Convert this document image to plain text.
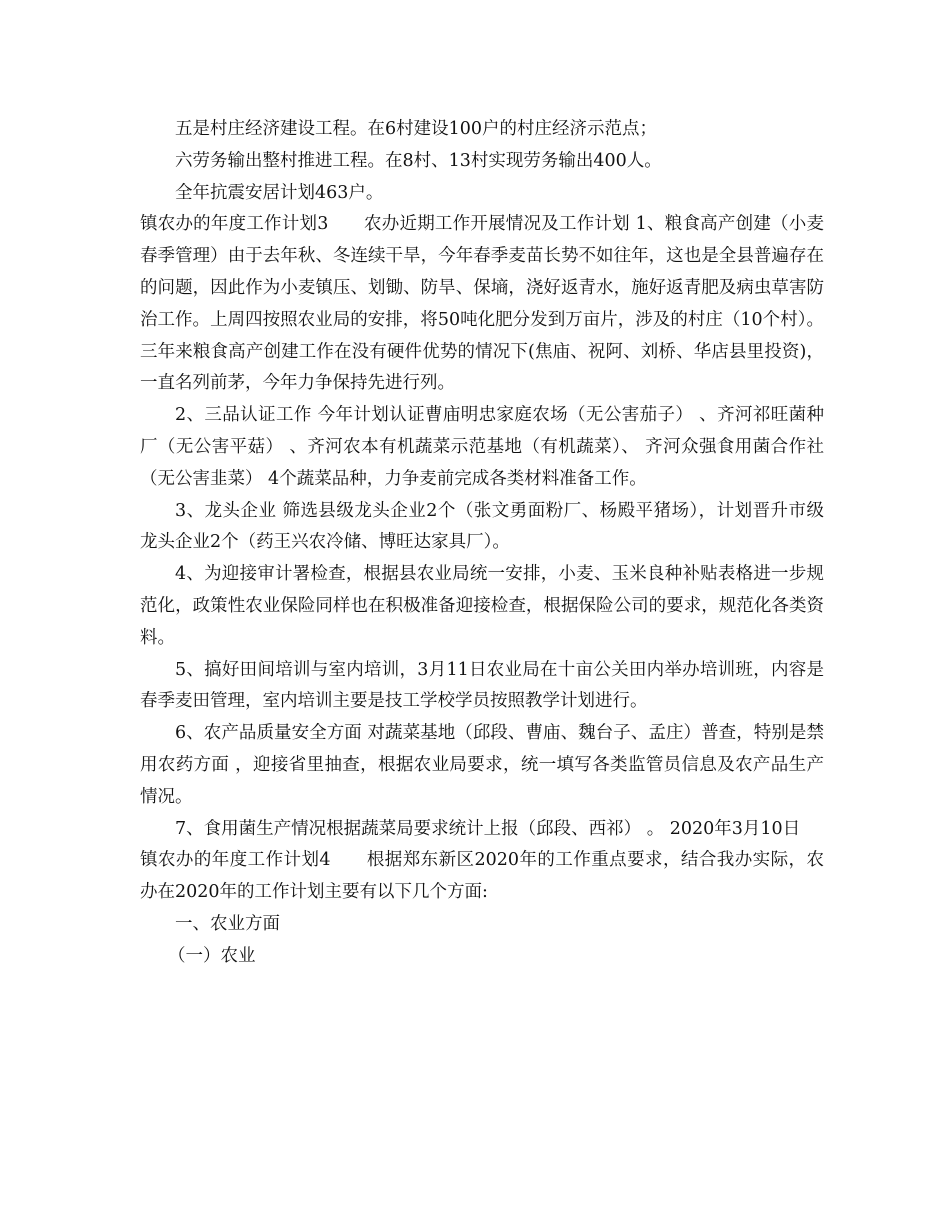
五是村庄经济建设工程。在6村建设100户的村庄经济示范点；

六劳务输出整村推进工程。在8村、13村实现劳务输出400人。

全年抗震安居计划463户。

镇农办的年度工作计划3　　农办近期工作开展情况及工作计划 1、粮食高产创建（小麦春季管理）由于去年秋、冬连续干旱，今年春季麦苗长势不如往年，这也是全县普遍存在的问题，因此作为小麦镇压、划锄、防旱、保墒，浇好返青水，施好返青肥及病虫草害防治工作。上周四按照农业局的安排，将50吨化肥分发到万亩片，涉及的村庄（10个村）。三年来粮食高产创建工作在没有硬件优势的情况下(焦庙、祝阿、刘桥、华店县里投资)，一直名列前茅，今年力争保持先进行列。

2、三品认证工作 今年计划认证曹庙明忠家庭农场（无公害茄子） 、齐河祁旺菌种厂（无公害平菇） 、齐河农本有机蔬菜示范基地（有机蔬菜）、 齐河众强食用菌合作社（无公害韭菜） 4个蔬菜品种，力争麦前完成各类材料准备工作。

3、龙头企业 筛选县级龙头企业2个（张文勇面粉厂、杨殿平猪场），计划晋升市级龙头企业2个（药王兴农冷储、博旺达家具厂）。

4、为迎接审计署检查，根据县农业局统一安排，小麦、玉米良种补贴表格进一步规范化，政策性农业保险同样也在积极准备迎接检查，根据保险公司的要求，规范化各类资料。

5、搞好田间培训与室内培训，3月11日农业局在十亩公关田内举办培训班，内容是春季麦田管理，室内培训主要是技工学校学员按照教学计划进行。

6、农产品质量安全方面 对蔬菜基地（邱段、曹庙、魏台子、孟庄）普查，特别是禁用农药方面 ，迎接省里抽查，根据农业局要求，统一填写各类监管员信息及农产品生产情况。

7、食用菌生产情况根据蔬菜局要求统计上报（邱段、西祁） 。 2020年3月10日

镇农办的年度工作计划4　　根据郑东新区2020年的工作重点要求，结合我办实际，农办在2020年的工作计划主要有以下几个方面:

一、农业方面

（一）农业
